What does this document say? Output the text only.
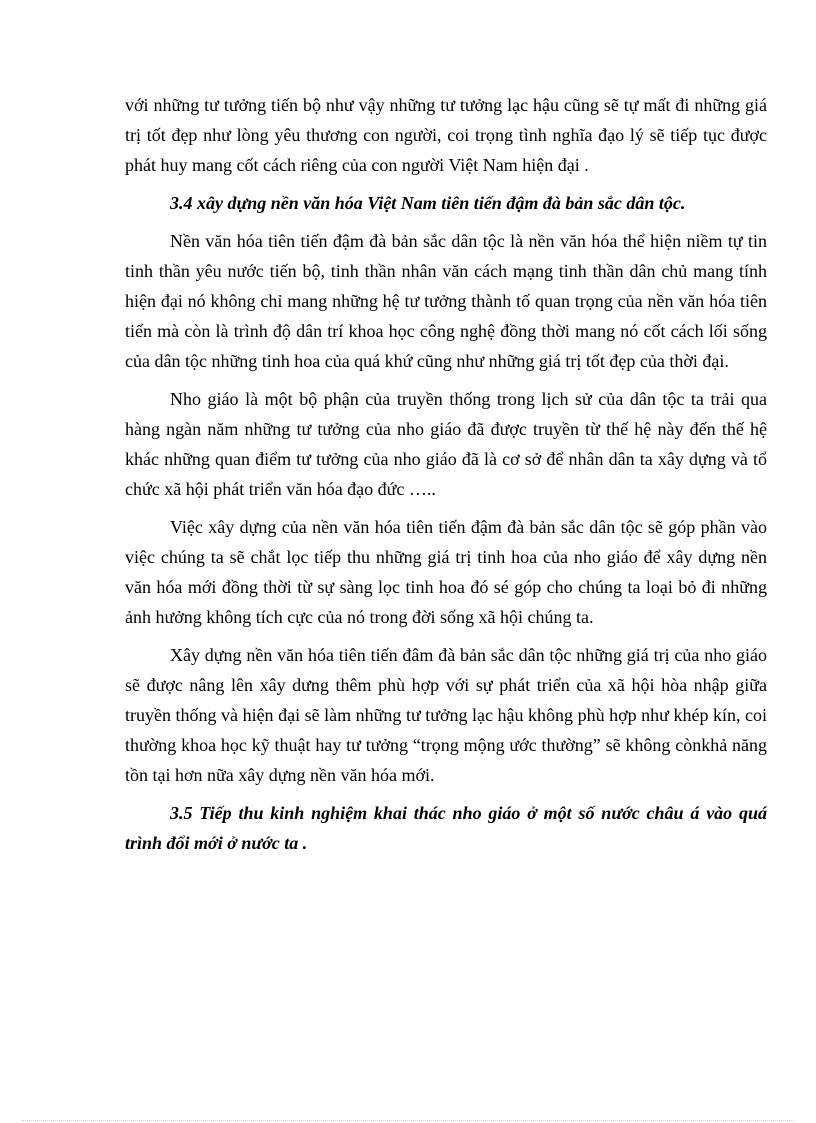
với những tư tưởng tiến bộ như vậy những tư tưởng lạc hậu cũng sẽ tự mất đi những giá trị tốt đẹp như lòng yêu thương con người, coi trọng tình nghĩa đạo lý sẽ tiếp tục được phát huy mang cốt cách riêng của con người Việt Nam hiện đại .

3.4 xây dựng nền văn hóa Việt Nam tiên tiến đậm đà bản sắc dân tộc.

Nền văn hóa tiên tiến đậm đà bản sắc dân tộc là nền văn hóa thể hiện niềm tự tin tinh thần yêu nước tiến bộ, tinh thần nhân văn cách mạng tinh thần dân chủ mang tính hiện đại nó không chỉ mang những hệ tư tưởng thành tố quan trọng của nền văn hóa tiên tiến mà còn là trình độ dân trí khoa học công nghệ đồng thời mang nó cốt cách lối sống của dân tộc những tinh hoa của quá khứ cũng như những giá trị tốt đẹp của thời đại.

Nho giáo là một bộ phận của truyền thống trong lịch sử của dân tộc ta trải qua hàng ngàn năm những tư tưởng của nho giáo đã được truyền từ thế hệ này đến thế hệ khác những quan điểm tư tưởng của nho giáo đã là cơ sở để nhân dân ta xây dựng và tổ chức xã hội phát triển văn hóa đạo đức …..

Việc xây dựng của nền văn hóa tiên tiến đậm đà bản sắc dân tộc sẽ góp phần vào việc chúng ta sẽ chắt lọc tiếp thu những giá trị tinh hoa của nho giáo để xây dựng nền văn hóa mới đồng thời từ sự sàng lọc tinh hoa đó sé góp cho chúng ta loại bỏ đi những ảnh hưởng không tích cực của nó trong đời sống xã hội chúng ta.

Xây dựng nền văn hóa tiên tiến đâm đà bản sắc dân tộc những giá trị của nho giáo sẽ được nâng lên xây dưng thêm phù hợp với sự phát triển của xã hội hòa nhập giữa truyền thống và hiện đại sẽ làm những tư tưởng lạc hậu không phù hợp như khép kín, coi thường khoa học kỹ thuật hay tư tưởng “trọng mộng ước thường” sẽ không cònkhả năng tồn tại hơn nữa xây dựng nền văn hóa mới.

3.5 Tiếp thu kinh nghiệm khai thác nho giáo ở một số nước châu á vào quá trình đổi mới ở nước ta .
